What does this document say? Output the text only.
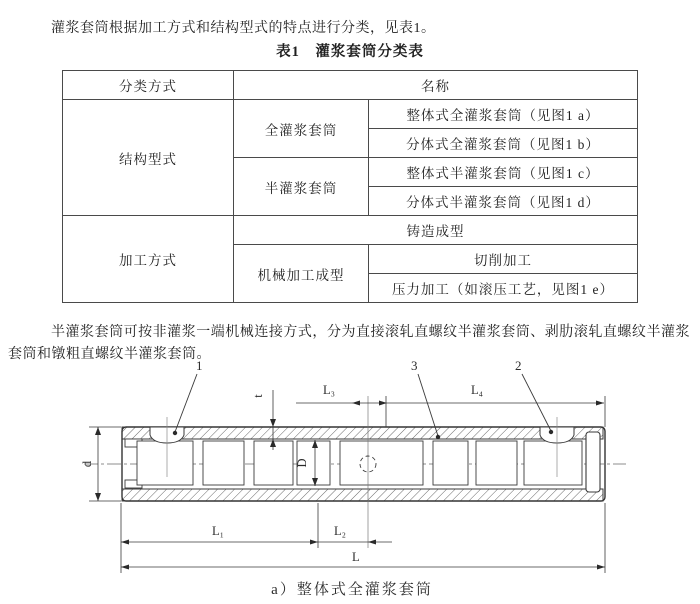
灌浆套筒根据加工方式和结构型式的特点进行分类，见表1。

表1　灌浆套筒分类表
分类方式	名称	
结构型式	全灌浆套筒	整体式全灌浆套筒（见图1 a）
		分体式全灌浆套筒（见图1 b）
	半灌浆套筒	整体式半灌浆套筒（见图1 c）
		分体式半灌浆套筒（见图1 d）
加工方式	铸造成型	
	机械加工成型	切削加工
		压力加工（如滚压工艺，见图1 e）

半灌浆套筒可按非灌浆一端机械连接方式，分为直接滚轧直螺纹半灌浆套筒、剥肋滚轧直螺纹半灌浆套筒和镦粗直螺纹半灌浆套筒。

1	3	2
L₃	L₄
t
d	D
L₁	L₂
L
a）整体式全灌浆套筒
